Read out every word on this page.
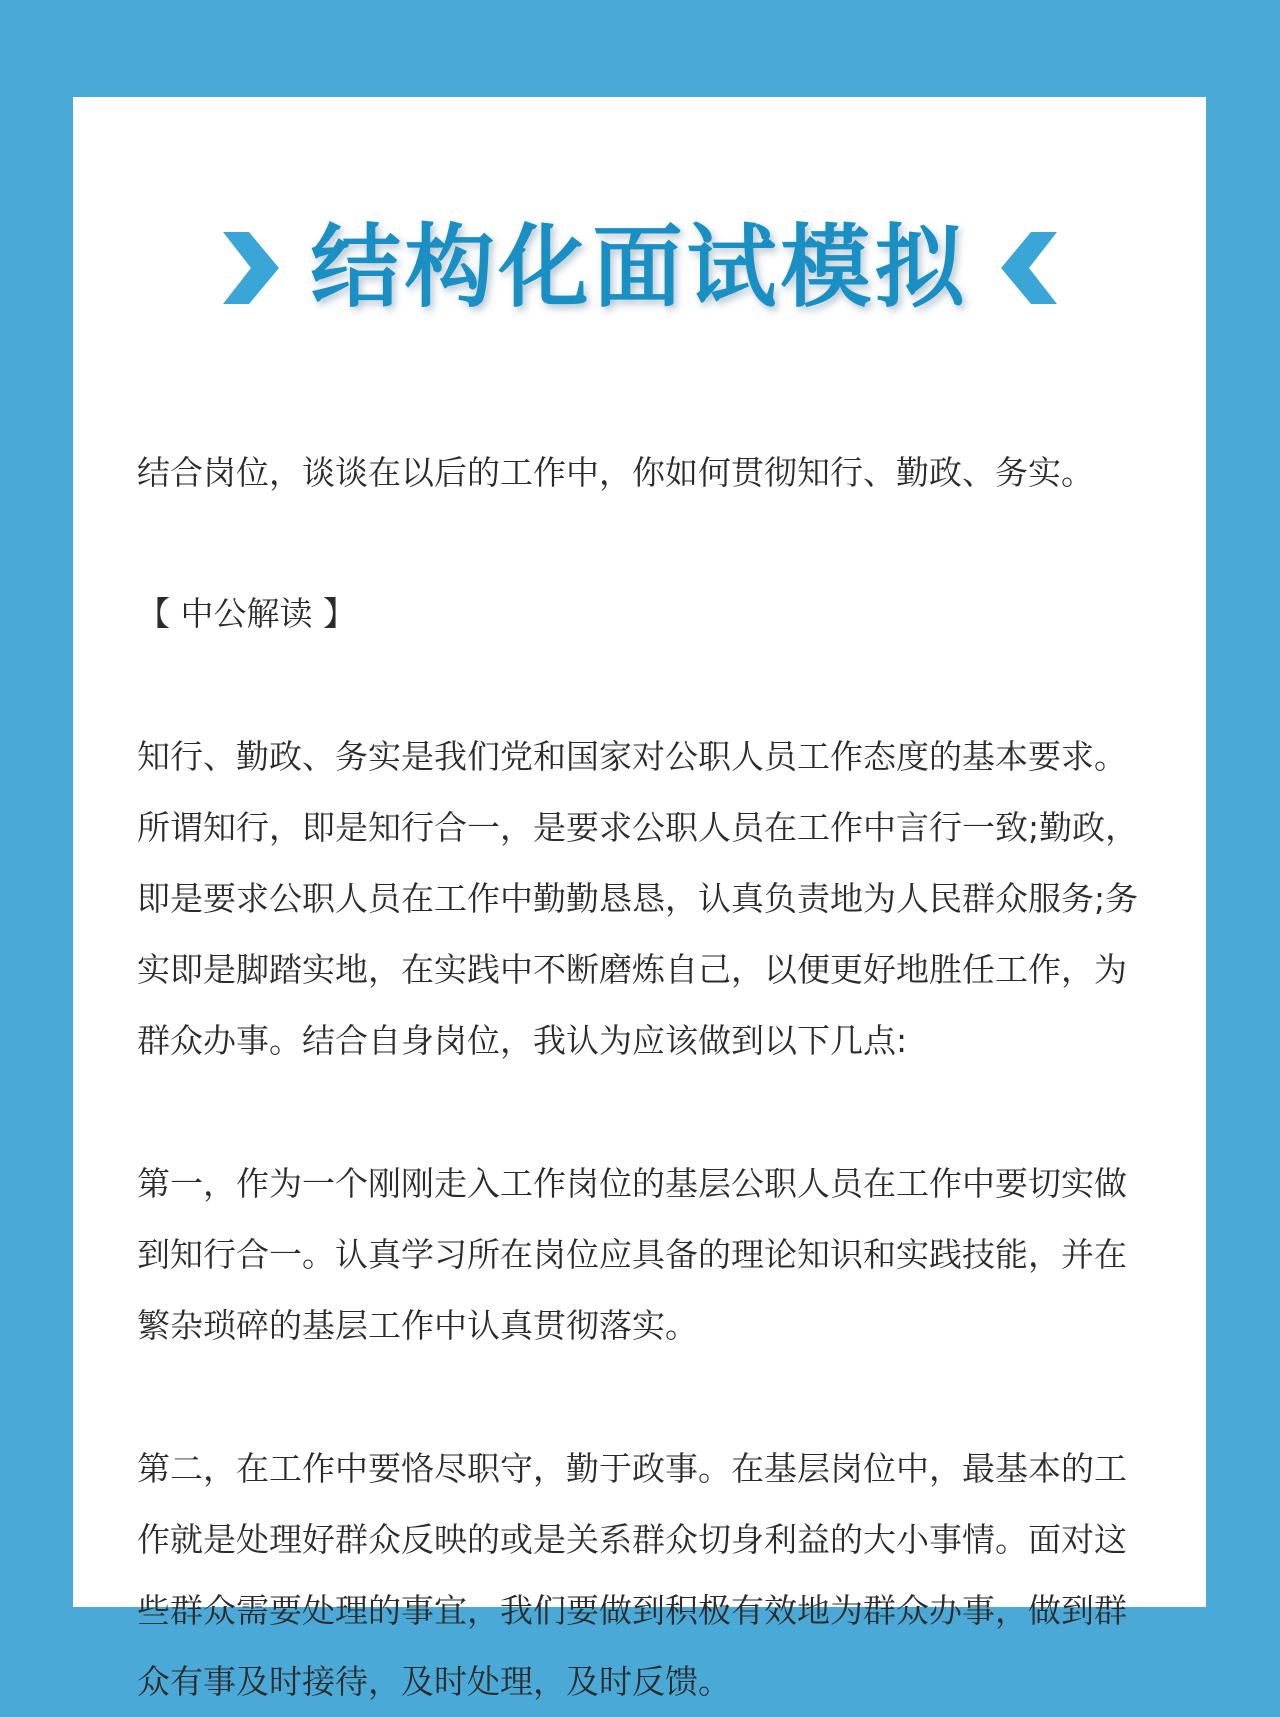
结构化面试模拟

结合岗位，谈谈在以后的工作中，你如何贯彻知行、勤政、务实。

【 中公解读 】

知行、勤政、务实是我们党和国家对公职人员工作态度的基本要求。所谓知行，即是知行合一，是要求公职人员在工作中言行一致;勤政，即是要求公职人员在工作中勤勤恳恳，认真负责地为人民群众服务;务实即是脚踏实地，在实践中不断磨炼自己，以便更好地胜任工作，为群众办事。结合自身岗位，我认为应该做到以下几点:

第一，作为一个刚刚走入工作岗位的基层公职人员在工作中要切实做到知行合一。认真学习所在岗位应具备的理论知识和实践技能，并在繁杂琐碎的基层工作中认真贯彻落实。

第二，在工作中要恪尽职守，勤于政事。在基层岗位中，最基本的工作就是处理好群众反映的或是关系群众切身利益的大小事情。面对这些群众需要处理的事宜，我们要做到积极有效地为群众办事，做到群众有事及时接待，及时处理，及时反馈。
